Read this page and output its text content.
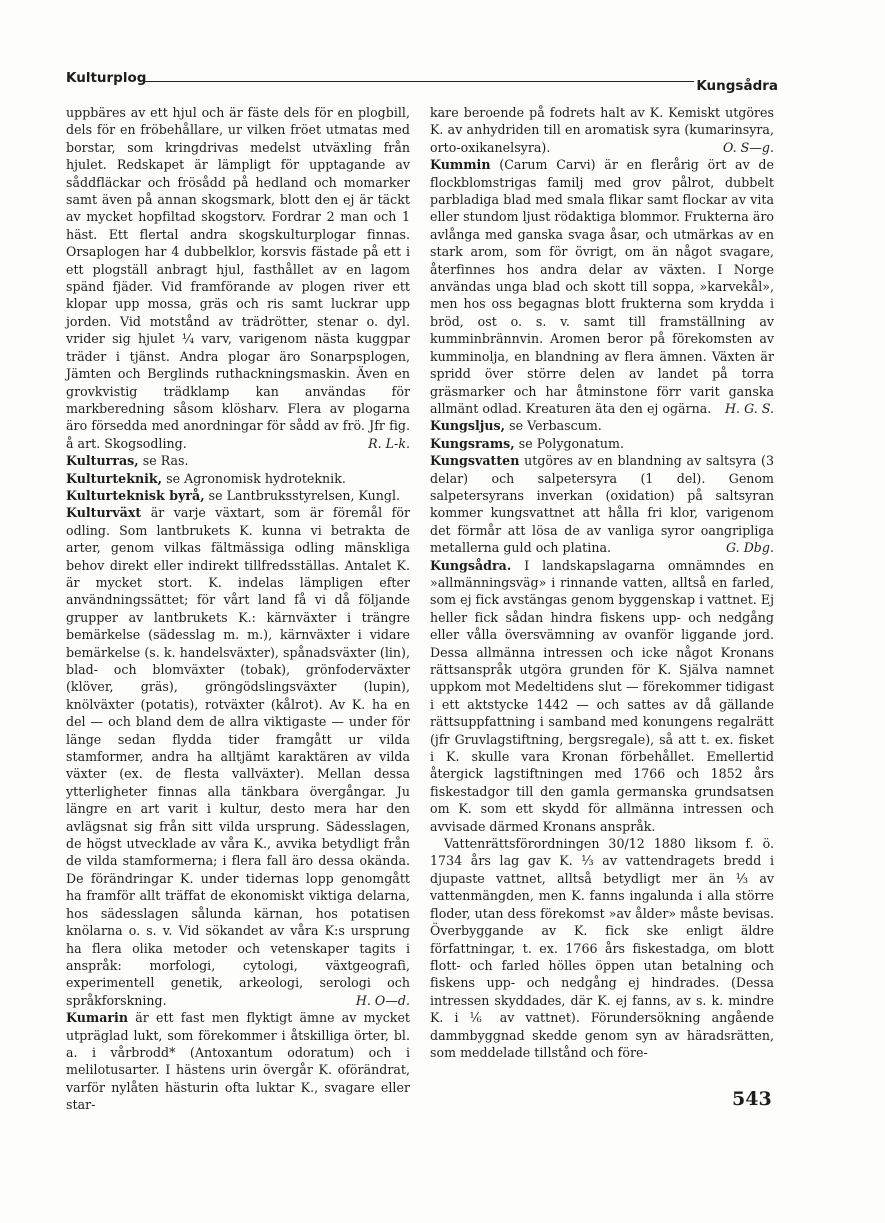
Kulturplog	Kungsådra

uppbäres av ett hjul och är fäste dels för en plogbill, dels för en fröbehållare, ur vilken fröet utmatas med borstar, som kringdrivas medelst utväxling från hjulet. Redskapet är lämpligt för upptagande av såddfläckar och frösådd på hedland och momarker samt även på annan skogsmark, blott den ej är täckt av mycket hopfiltad skogstorv. Fordrar 2 man och 1 häst. Ett flertal andra skogskulturplogar finnas. Orsaplogen har 4 dubbelklor, korsvis fästade på ett i ett plogställ anbragt hjul, fasthållet av en lagom spänd fjäder. Vid framförande av plogen river ett klopar upp mossa, gräs och ris samt luckrar upp jorden. Vid motstånd av trädrötter, stenar o. dyl. vrider sig hjulet ¼ varv, varigenom nästa kuggpar träder i tjänst. Andra plogar äro Sonarpsplogen, Jämten och Berglinds ruthackningsmaskin. Även en grovkvistig trädklamp kan användas för markberedning såsom klösharv. Flera av plogarna äro försedda med anordningar för sådd av frö. Jfr fig. å art. Skogsodling.	R. L-k.

Kulturras, se Ras.

Kulturteknik, se Agronomisk hydroteknik.

Kulturteknisk byrå, se Lantbruksstyrelsen, Kungl.

Kulturväxt är varje växtart, som är föremål för odling. Som lantbrukets K. kunna vi betrakta de arter, genom vilkas fältmässiga odling mänskliga behov direkt eller indirekt tillfredsställas. Antalet K. är mycket stort. K. indelas lämpligen efter användningssättet; för vårt land få vi då följande grupper av lantbrukets K.: kärnväxter i trängre bemärkelse (sädesslag m. m.), kärnväxter i vidare bemärkelse (s. k. handelsväxter), spånadsväxter (lin), blad- och blomväxter (tobak), grönfoderväxter (klöver, gräs), gröngödslingsväxter (lupin), knölväxter (potatis), rotväxter (kålrot). Av K. ha en del — och bland dem de allra viktigaste — under för länge sedan flydda tider framgått ur vilda stamformer, andra ha alltjämt karaktären av vilda växter (ex. de flesta vallväxter). Mellan dessa ytterligheter finnas alla tänkbara övergångar. Ju längre en art varit i kultur, desto mera har den avlägsnat sig från sitt vilda ursprung. Sädesslagen, de högst utvecklade av våra K., avvika betydligt från de vilda stamformerna; i flera fall äro dessa okända. De förändringar K. under tidernas lopp genomgått ha framför allt träffat de ekonomiskt viktiga delarna, hos sädesslagen sålunda kärnan, hos potatisen knölarna o. s. v. Vid sökandet av våra K:s ursprung ha flera olika metoder och vetenskaper tagits i anspråk: morfologi, cytologi, växtgeografi, experimentell genetik, arkeologi, serologi och språkforskning.	H. O—d.

Kumarin är ett fast men flyktigt ämne av mycket utpräglad lukt, som förekommer i åtskilliga örter, bl. a. i vårbrodd* (Antoxantum odoratum) och i melilotusarter. I hästens urin övergår K. oförändrat, varför nylåten hästurin ofta luktar K., svagare eller star-

kare beroende på fodrets halt av K. Kemiskt utgöres K. av anhydriden till en aromatisk syra (kumarinsyra, orto-oxikanelsyra).	O. S—g.

Kummin (Carum Carvi) är en flerårig ört av de flockblomstrigas familj med grov pålrot, dubbelt parbladiga blad med smala flikar samt flockar av vita eller stundom ljust rödaktiga blommor. Frukterna äro avlånga med ganska svaga åsar, och utmärkas av en stark arom, som för övrigt, om än något svagare, återfinnes hos andra delar av växten. I Norge användas unga blad och skott till soppa, »karvekål», men hos oss begagnas blott frukterna som krydda i bröd, ost o. s. v. samt till framställning av kumminbrännvin. Aromen beror på förekomsten av kumminolja, en blandning av flera ämnen. Växten är spridd över större delen av landet på torra gräsmarker och har åtminstone förr varit ganska allmänt odlad. Kreaturen äta den ej ogärna. H. G. S.

Kungsljus, se Verbascum.

Kungsrams, se Polygonatum.

Kungsvatten utgöres av en blandning av saltsyra (3 delar) och salpetersyra (1 del). Genom salpetersyrans inverkan (oxidation) på saltsyran kommer kungsvattnet att hålla fri klor, varigenom det förmår att lösa de av vanliga syror oangripliga metallerna guld och platina.	G. Dbg.

Kungsådra. I landskapslagarna omnämndes en »allmänningsväg» i rinnande vatten, alltså en farled, som ej fick avstängas genom byggenskap i vattnet. Ej heller fick sådan hindra fiskens upp- och nedgång eller vålla översvämning av ovanför liggande jord. Dessa allmänna intressen och icke något Kronans rättsanspråk utgöra grunden för K. Själva namnet uppkom mot Medeltidens slut — förekommer tidigast i ett aktstycke 1442 — och sattes av då gällande rättsuppfattning i samband med konungens regalrätt (jfr Gruvlagstiftning, bergsregale), så att t. ex. fisket i K. skulle vara Kronan förbehållet. Emellertid återgick lagstiftningen med 1766 och 1852 års fiskestadgor till den gamla germanska grundsatsen om K. som ett skydd för allmänna intressen och avvisade därmed Kronans anspråk.

Vattenrättsförordningen 30/12 1880 liksom f. ö. 1734 års lag gav K. ⅓ av vattendragets bredd i djupaste vattnet, alltså betydligt mer än ⅓ av vattenmängden, men K. fanns ingalunda i alla större floder, utan dess förekomst »av ålder» måste bevisas. Överbyggande av K. fick ske enligt äldre författningar, t. ex. 1766 års fiskestadga, om blott flott- och farled hölles öppen utan betalning och fiskens upp- och nedgång ej hindrades. (Dessa intressen skyddades, där K. ej fanns, av s. k. mindre K. i ⅙ av vattnet). Förundersökning angående dammbyggnad skedde genom syn av häradsrätten, som meddelade tillstånd och före-

543
